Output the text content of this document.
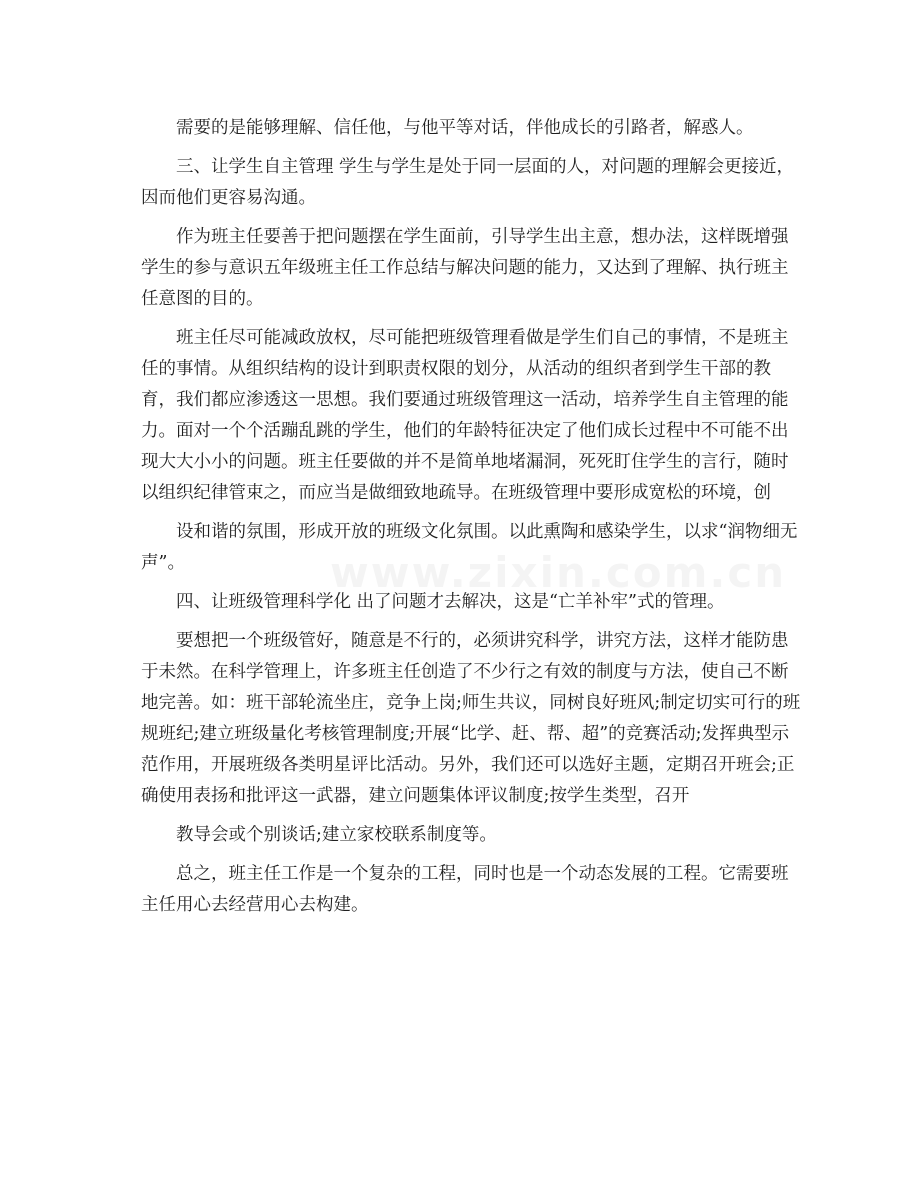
需要的是能够理解、信任他，与他平等对话，伴他成长的引路者，解惑人。

三、让学生自主管理 学生与学生是处于同一层面的人，对问题的理解会更接近，因而他们更容易沟通。

作为班主任要善于把问题摆在学生面前，引导学生出主意，想办法，这样既增强学生的参与意识五年级班主任工作总结与解决问题的能力，又达到了理解、执行班主任意图的目的。

班主任尽可能减政放权，尽可能把班级管理看做是学生们自己的事情，不是班主任的事情。从组织结构的设计到职责权限的划分，从活动的组织者到学生干部的教育，我们都应渗透这一思想。我们要通过班级管理这一活动，培养学生自主管理的能力。面对一个个活蹦乱跳的学生，他们的年龄特征决定了他们成长过程中不可能不出现大大小小的问题。班主任要做的并不是简单地堵漏洞，死死盯住学生的言行，随时以组织纪律管束之，而应当是做细致地疏导。在班级管理中要形成宽松的环境，创

设和谐的氛围，形成开放的班级文化氛围。以此熏陶和感染学生，以求“润物细无声”。

四、让班级管理科学化 出了问题才去解决，这是“亡羊补牢”式的管理。

要想把一个班级管好，随意是不行的，必须讲究科学，讲究方法，这样才能防患于未然。在科学管理上，许多班主任创造了不少行之有效的制度与方法，使自己不断地完善。如：班干部轮流坐庄，竞争上岗;师生共议，同树良好班风;制定切实可行的班规班纪;建立班级量化考核管理制度;开展“比学、赶、帮、超”的竞赛活动;发挥典型示范作用，开展班级各类明星评比活动。另外，我们还可以选好主题，定期召开班会;正确使用表扬和批评这一武器，建立问题集体评议制度;按学生类型，召开

教导会或个别谈话;建立家校联系制度等。

总之，班主任工作是一个复杂的工程，同时也是一个动态发展的工程。它需要班主任用心去经营用心去构建。
